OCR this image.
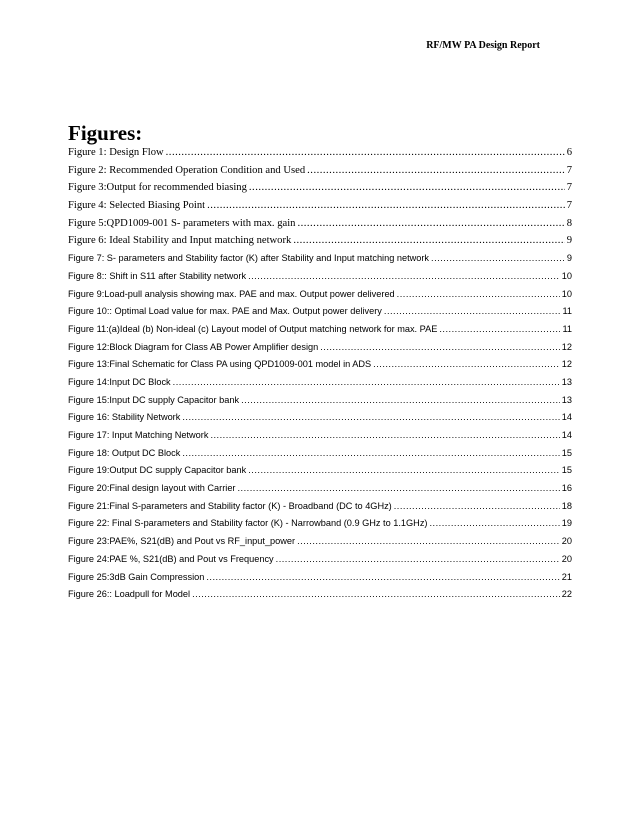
RF/MW PA Design Report
Figures:
Figure 1: Design Flow .....	6
Figure 2: Recommended Operation Condition and Used .....	7
Figure 3:Output for recommended biasing .....	7
Figure 4: Selected Biasing Point .....	7
Figure 5:QPD1009-001 S- parameters with max. gain .....	8
Figure 6: Ideal Stability and Input matching network .....	9
Figure 7: S- parameters and Stability factor (K) after Stability and Input matching network .....	9
Figure 8:: Shift in S11 after Stability network .....	10
Figure 9:Load-pull analysis showing max. PAE and max. Output power delivered .....	10
Figure 10:: Optimal Load value for max. PAE and Max. Output power delivery .....	11
Figure 11:(a)Ideal (b) Non-ideal (c) Layout model of Output matching network for max. PAE .....	11
Figure 12:Block Diagram for Class AB Power Amplifier design .....	12
Figure 13:Final Schematic for Class PA using QPD1009-001 model in ADS .....	12
Figure 14:Input DC Block .....	13
Figure 15:Input DC supply Capacitor bank .....	13
Figure 16: Stability Network .....	14
Figure 17: Input Matching Network .....	14
Figure 18: Output DC Block .....	15
Figure 19:Output DC supply Capacitor bank .....	15
Figure 20:Final design layout with Carrier .....	16
Figure 21:Final S-parameters and Stability factor (K) - Broadband (DC to 4GHz) .....	18
Figure 22: Final S-parameters and Stability factor (K) - Narrowband (0.9 GHz to 1.1GHz) .....	19
Figure 23:PAE%, S21(dB) and Pout vs RF_input_power .....	20
Figure 24:PAE %, S21(dB) and Pout vs Frequency .....	20
Figure 25:3dB Gain Compression .....	21
Figure 26:: Loadpull for Model .....	22
